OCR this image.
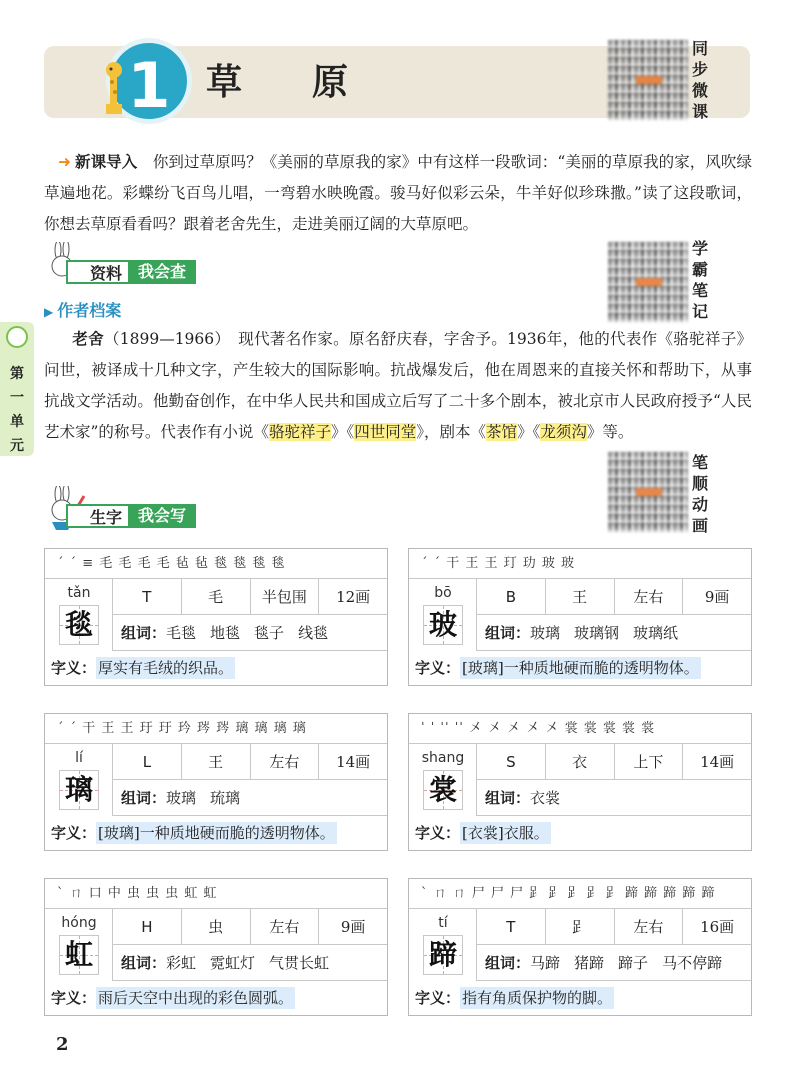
1 草原
同步微课
➜ 新课导入　 你到过草原吗？《美丽的草原我的家》中有这样一段歌词：“美丽的草原我的家，风吹绿草遍地花。彩蝶纷飞百鸟儿唱，一弯碧水映晚霞。骏马好似彩云朵，牛羊好似珍珠撒。”读了这段歌词，你想去草原看看吗？跟着老舍先生，走进美丽辽阔的大草原吧。
资料	我会查
学霸笔记
▶ 作者档案
老舍（1899—1966）　现代著名作家。原名舒庆春，字舍予。1936年，他的代表作《骆驼祥子》问世，被译成十几种文字，产生较大的国际影响。抗战爆发后，他在周恩来的直接关怀和帮助下，从事抗战文学活动。他勤奋创作，在中华人民共和国成立后写了二十多个剧本，被北京市人民政府授予“人民艺术家”的称号。代表作有小说《骆驼祥子》《四世同堂》，剧本《茶馆》《龙须沟》等。
第一单元
笔顺动画
生字	我会写
ˊ ˊ ≡ 毛 毛 毛 毛 毡 毡 毯 毯 毯 毯
tǎn
毯
T	毛	半包围	12画
组词：毛毯 地毯 毯子 线毯
字义： 厚实有毛绒的织品。
ˊ ˊ 干 王 王 玎 玏 玻 玻
bō
玻
B	王	左右	9画
组词：玻璃 玻璃钢 玻璃纸
字义： [玻璃]一种质地硬而脆的透明物体。
ˊ ˊ 干 王 王 玗 玗 玪 琌 琌 璃 璃 璃 璃
lí
璃
L	王	左右	14画
组词：玻璃 琉璃
字义： [玻璃]一种质地硬而脆的透明物体。
ˈ ˈ ˈˈ ˈˈ 㐅 㐅 㐅 㐅 㐅 裳 裳 裳 裳 裳
shang
裳
S	衣	上下	14画
组词：衣裳
字义： [衣裳]衣服。
ˋ ㄇ 口 中 虫 虫 虫 虹 虹
hóng
虹
H	虫	左右	9画
组词：彩虹 霓虹灯 气贯长虹
字义： 雨后天空中出现的彩色圆弧。
ˋ ㄇ ㄇ 尸 尸 尸 𧾷 𧾷 𧾷 𧾷 𧾷 蹄 蹄 蹄 蹄 蹄
tí
蹄
T	𧾷	左右	16画
组词：马蹄 猪蹄 蹄子 马不停蹄
字义： 指有角质保护物的脚。
2
